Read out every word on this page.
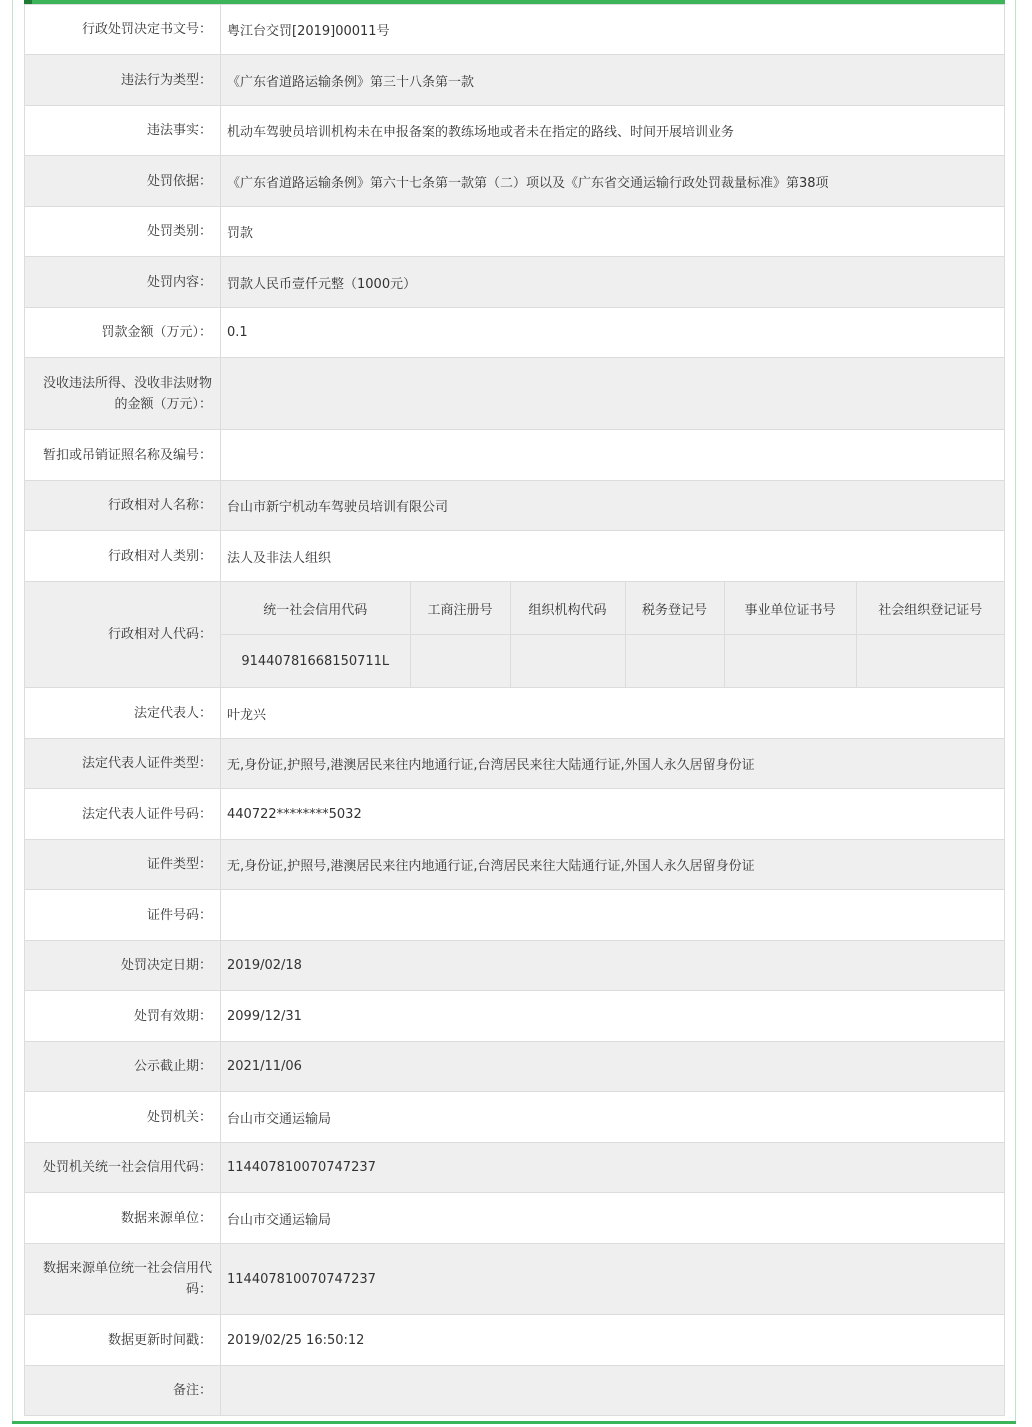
行政处罚决定书文号：	粤江台交罚[2019]00011号
违法行为类型：	《广东省道路运输条例》第三十八条第一款
违法事实：	机动车驾驶员培训机构未在申报备案的教练场地或者未在指定的路线、时间开展培训业务
处罚依据：	《广东省道路运输条例》第六十七条第一款第（二）项以及《广东省交通运输行政处罚裁量标准》第38项
处罚类别：	罚款
处罚内容：	罚款人民币壹仟元整（1000元）
罚款金额（万元）：	0.1
没收违法所得、没收非法财物的金额（万元）：	
暂扣或吊销证照名称及编号：	
行政相对人名称：	台山市新宁机动车驾驶员培训有限公司
行政相对人类别：	法人及非法人组织
行政相对人代码：	
统一社会信用代码	工商注册号	组织机构代码	税务登记号	事业单位证书号	社会组织登记证号
91440781668150711L					

法定代表人：	叶龙兴
法定代表人证件类型：	无,身份证,护照号,港澳居民来往内地通行证,台湾居民来往大陆通行证,外国人永久居留身份证
法定代表人证件号码：	440722********5032
证件类型：	无,身份证,护照号,港澳居民来往内地通行证,台湾居民来往大陆通行证,外国人永久居留身份证
证件号码：	
处罚决定日期：	2019/02/18
处罚有效期：	2099/12/31
公示截止期：	2021/11/06
处罚机关：	台山市交通运输局
处罚机关统一社会信用代码：	114407810070747237
数据来源单位：	台山市交通运输局
数据来源单位统一社会信用代码：	114407810070747237
数据更新时间戳：	2019/02/25 16:50:12
备注：	
